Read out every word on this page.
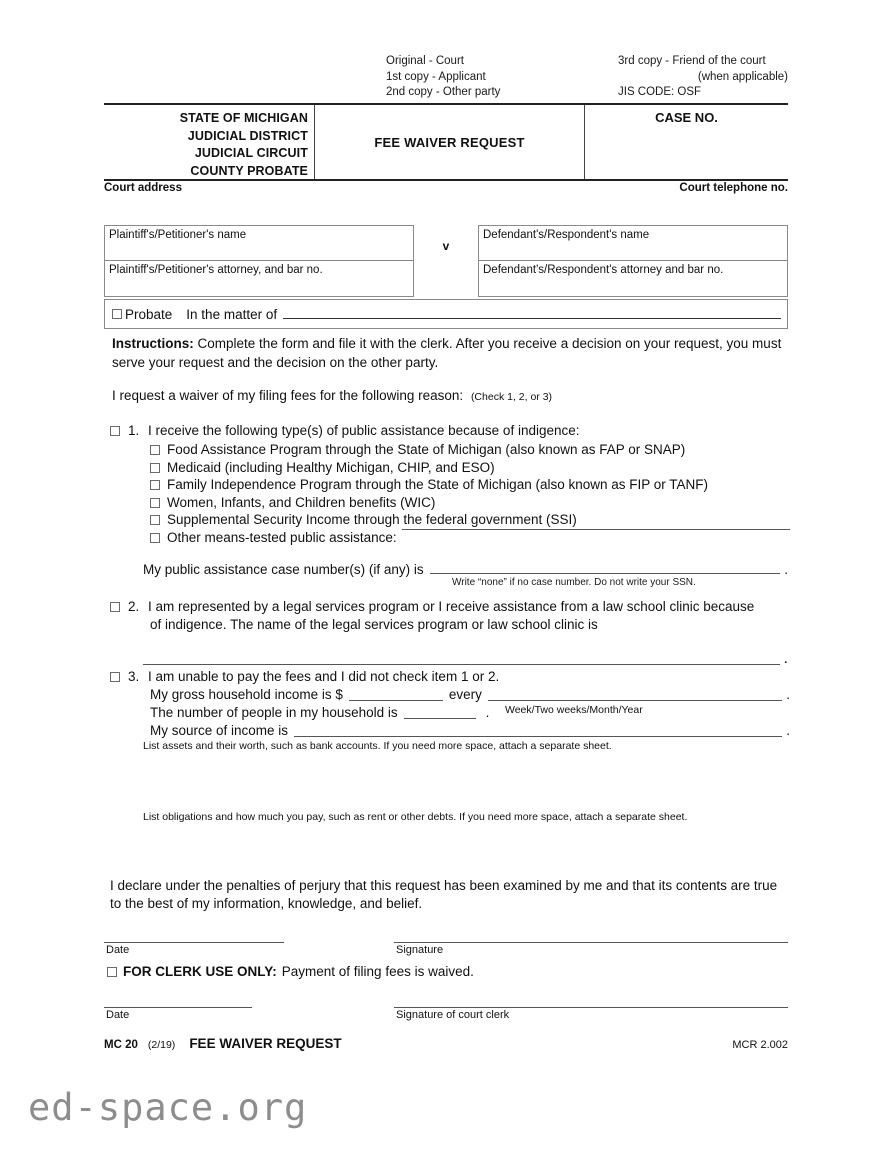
Original - Court
1st copy - Applicant
2nd copy - Other party
3rd copy - Friend of the court
(when applicable)
JIS CODE: OSF
STATE OF MICHIGAN
JUDICIAL DISTRICT
JUDICIAL CIRCUIT
COUNTY PROBATE
FEE WAIVER REQUEST
CASE NO.
Court address	Court telephone no.
Plaintiff's/Petitioner's name
Plaintiff's/Petitioner's attorney, and bar no.
v
Defendant's/Respondent's name
Defendant's/Respondent's attorney and bar no.
Probate In the matter of
Instructions: Complete the form and file it with the clerk. After you receive a decision on your request, you must serve your request and the decision on the other party.
I request a waiver of my filing fees for the following reason: (Check 1, 2, or 3)
1. I receive the following type(s) of public assistance because of indigence:
Food Assistance Program through the State of Michigan (also known as FAP or SNAP)
Medicaid (including Healthy Michigan, CHIP, and ESO)
Family Independence Program through the State of Michigan (also known as FIP or TANF)
Women, Infants, and Children benefits (WIC)
Supplemental Security Income through the federal government (SSI)
Other means-tested public assistance:
My public assistance case number(s) (if any) is	.
Write “none” if no case number. Do not write your SSN.
2. I am represented by a legal services program or I receive assistance from a law school clinic because
of indigence. The name of the legal services program or law school clinic is
.
3. I am unable to pay the fees and I did not check item 1 or 2.
My gross household income is $	every	.
The number of people in my household is	.
My source of income is	.
Week/Two weeks/Month/Year
List assets and their worth, such as bank accounts. If you need more space, attach a separate sheet.
List obligations and how much you pay, such as rent or other debts. If you need more space, attach a separate sheet.
I declare under the penalties of perjury that this request has been examined by me and that its contents are true to the best of my information, knowledge, and belief.
Date	Signature
FOR CLERK USE ONLY: Payment of filing fees is waived.
Date	Signature of court clerk
MC 20 (2/19) FEE WAIVER REQUEST	MCR 2.002
ed-space.org
